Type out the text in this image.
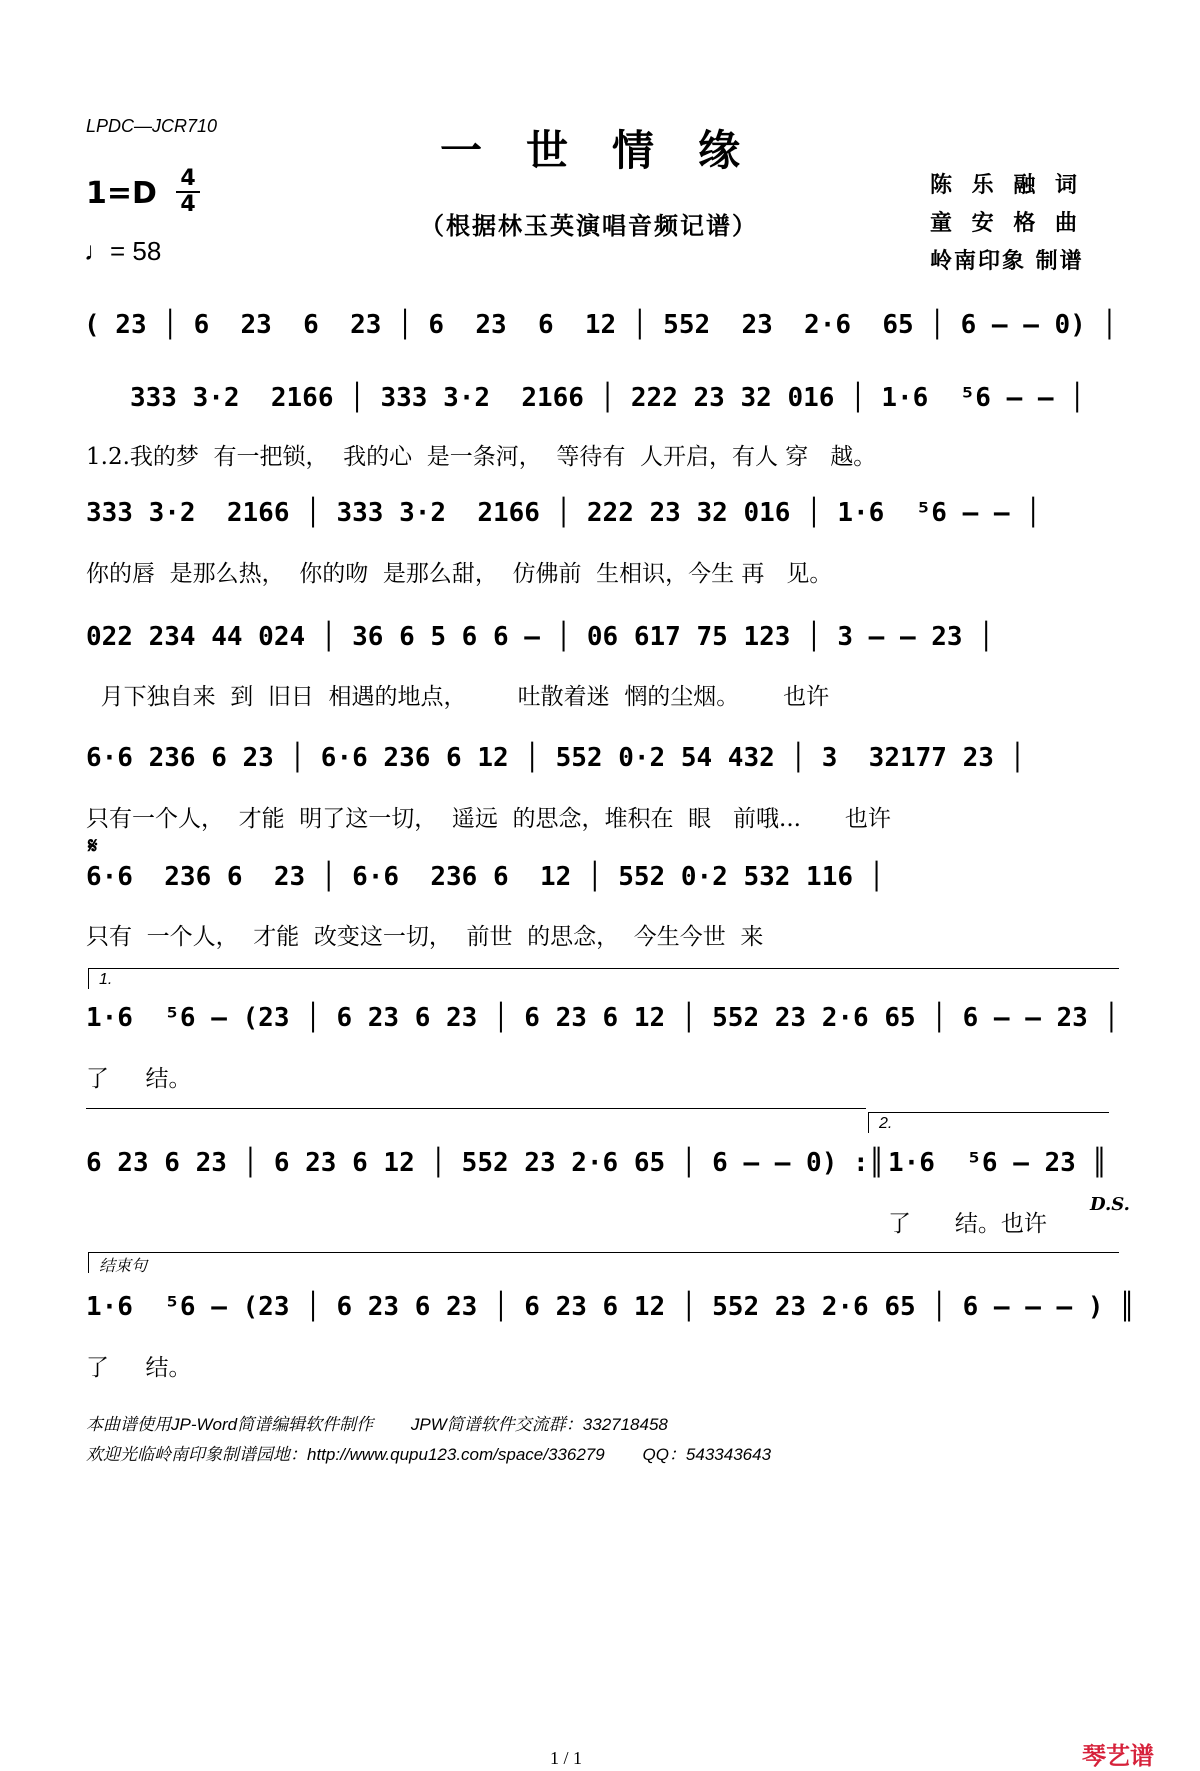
LPDC—JCR710	一世情缘
（根据林玉英演唱音频记谱）
1=D 4
4
♩= 58
陈 乐 融 词
童 安 格 曲
岭南印象 制谱
( 23 │ 6  23  6  23 │ 6  23  6  12 │ 552  23  2·6  65 │ 6 – – 0) │
333 3·2  2166 │ 333 3·2  2166 │ 222 23 32 016 │ 1·6  ⁵6 – – │
1.2.我的梦  有一把锁，  我的心  是一条河，  等待有  人开启，有人 穿   越。
333 3·2  2166 │ 333 3·2  2166 │ 222 23 32 016 │ 1·6  ⁵6 – – │
你的唇  是那么热，  你的吻  是那么甜，  仿佛前  生相识，今生 再   见。
022 234 44 024 │ 36 6 5 6 6 – │ 06 617 75 123 │ 3 – – 23 │
月下独自来  到  旧日  相遇的地点，       吐散着迷  惘的尘烟。      也许
6·6 236 6 23 │ 6·6 236 6 12 │ 552 0·2 54 432 │ 3  32177 23 │
只有一个人，  才能  明了这一切，  遥远  的思念，堆积在  眼   前哦...      也许
𝄋
6·6  236 6  23 │ 6·6  236 6  12 │ 552 0·2 532 116 │
只有  一个人，  才能  改变这一切，  前世  的思念，  今生今世  来
1.
1·6  ⁵6 – (23 │ 6 23 6 23 │ 6 23 6 12 │ 552 23 2·6 65 │ 6 – – 23 │
了     结。
6 23 6 23 │ 6 23 6 12 │ 552 23 2·6 65 │ 6 – – 0) :║
2.
1·6  ⁵6 – 23 ║
了      结。也许
D.S.
结束句
1·6  ⁵6 – (23 │ 6 23 6 23 │ 6 23 6 12 │ 552 23 2·6 65 │ 6 – – – ) ║
了     结。
本曲谱使用JP-Word简谱编辑软件制作        JPW简谱软件交流群：332718458
欢迎光临岭南印象制谱园地：http://www.qupu123.com/space/336279        QQ：543343643
1 / 1	琴艺谱
